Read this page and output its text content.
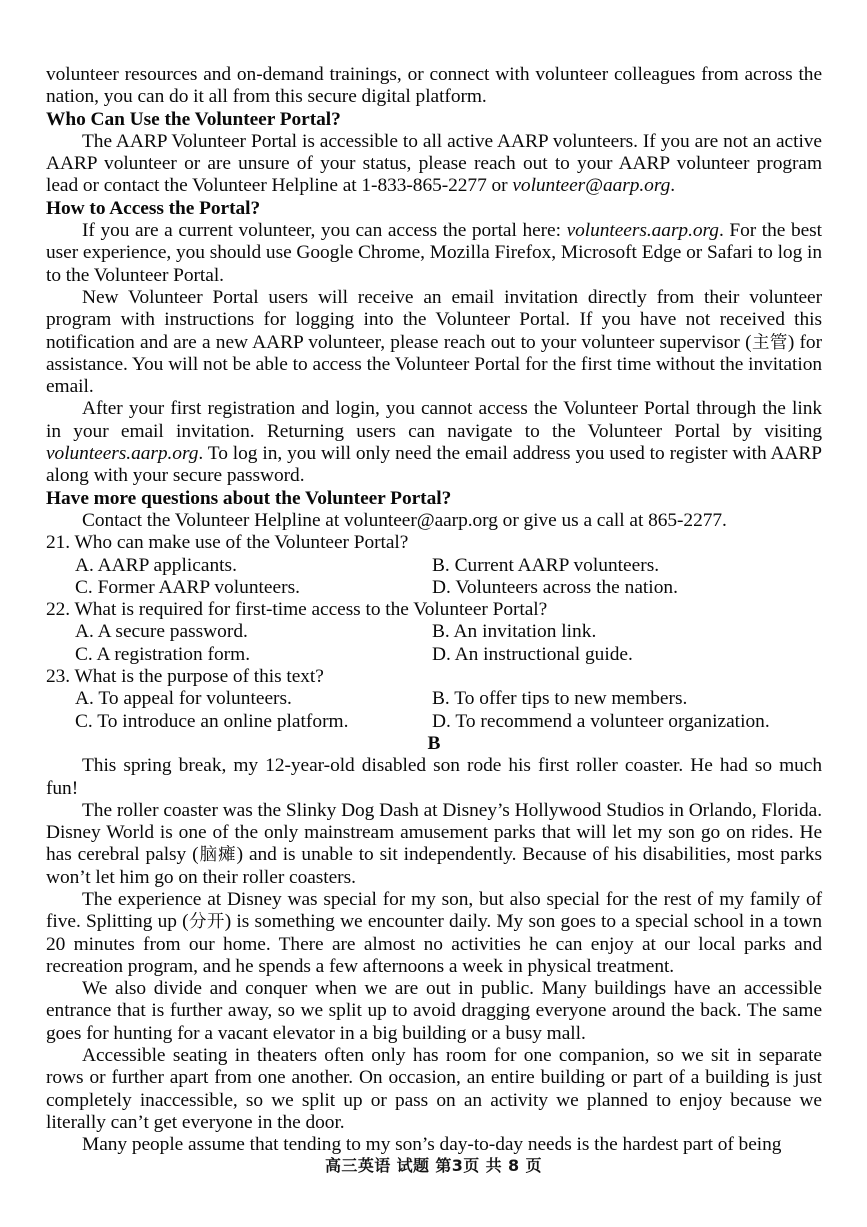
volunteer resources and on-demand trainings, or connect with volunteer colleagues from across the nation, you can do it all from this secure digital platform.

Who Can Use the Volunteer Portal?

The AARP Volunteer Portal is accessible to all active AARP volunteers. If you are not an active AARP volunteer or are unsure of your status, please reach out to your AARP volunteer program lead or contact the Volunteer Helpline at 1-833-865-2277 or volunteer@aarp.org.

How to Access the Portal?

If you are a current volunteer, you can access the portal here: volunteers.aarp.org. For the best user experience, you should use Google Chrome, Mozilla Firefox, Microsoft Edge or Safari to log in to the Volunteer Portal.

New Volunteer Portal users will receive an email invitation directly from their volunteer program with instructions for logging into the Volunteer Portal. If you have not received this notification and are a new AARP volunteer, please reach out to your volunteer supervisor (主管) for assistance. You will not be able to access the Volunteer Portal for the first time without the invitation email.

After your first registration and login, you cannot access the Volunteer Portal through the link in your email invitation. Returning users can navigate to the Volunteer Portal by visiting volunteers.aarp.org. To log in, you will only need the email address you used to register with AARP along with your secure password.

Have more questions about the Volunteer Portal?

Contact the Volunteer Helpline at volunteer@aarp.org or give us a call at 865-2277.

21. Who can make use of the Volunteer Portal?

A. AARP applicants.	B. Current AARP volunteers.
C. Former AARP volunteers.	D. Volunteers across the nation.

22. What is required for first-time access to the Volunteer Portal?

A. A secure password.	B. An invitation link.
C. A registration form.	D. An instructional guide.

23. What is the purpose of this text?

A. To appeal for volunteers.	B. To offer tips to new members.
C. To introduce an online platform.	D. To recommend a volunteer organization.

B

This spring break, my 12-year-old disabled son rode his first roller coaster. He had so much fun!

The roller coaster was the Slinky Dog Dash at Disney’s Hollywood Studios in Orlando, Florida. Disney World is one of the only mainstream amusement parks that will let my son go on rides. He has cerebral palsy (脑瘫) and is unable to sit independently. Because of his disabilities, most parks won’t let him go on their roller coasters.

The experience at Disney was special for my son, but also special for the rest of my family of five. Splitting up (分开) is something we encounter daily. My son goes to a special school in a town 20 minutes from our home. There are almost no activities he can enjoy at our local parks and recreation program, and he spends a few afternoons a week in physical treatment.

We also divide and conquer when we are out in public. Many buildings have an accessible entrance that is further away, so we split up to avoid dragging everyone around the back. The same goes for hunting for a vacant elevator in a big building or a busy mall.

Accessible seating in theaters often only has room for one companion, so we sit in separate rows or further apart from one another. On occasion, an entire building or part of a building is just completely inaccessible, so we split up or pass on an activity we planned to enjoy because we literally can’t get everyone in the door.

Many people assume that tending to my son’s day-to-day needs is the hardest part of being

高三英语 试题 第3页 共 8 页
